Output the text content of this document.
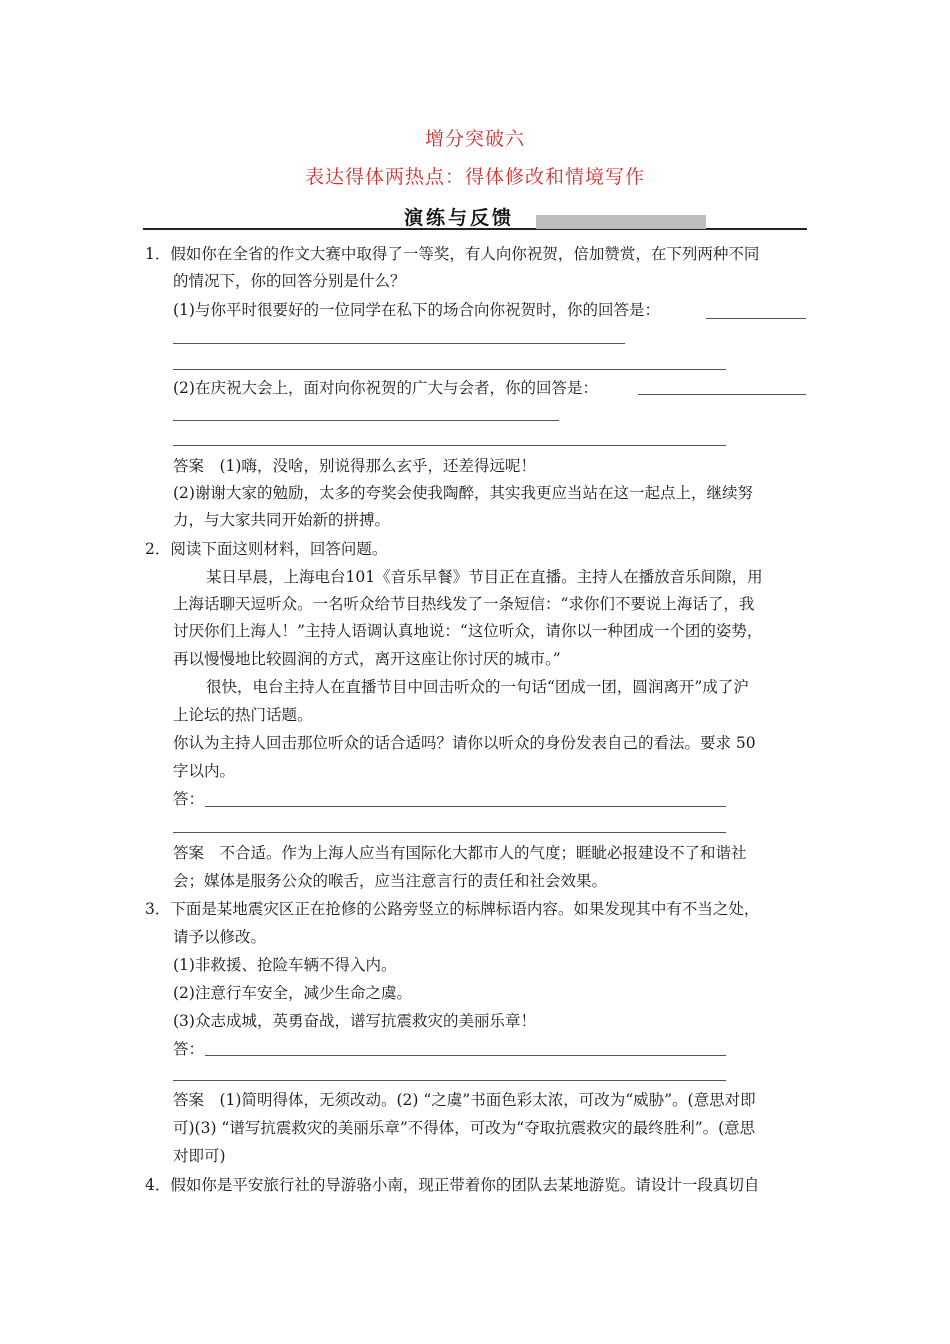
增分突破六
表达得体两热点：得体修改和情境写作
演练与反馈
1．假如你在全省的作文大赛中取得了一等奖，有人向你祝贺，倍加赞赏，在下列两种不同
的情况下，你的回答分别是什么？
(1)与你平时很要好的一位同学在私下的场合向你祝贺时，你的回答是：
(2)在庆祝大会上，面对向你祝贺的广大与会者，你的回答是：
答案　(1)嗨，没啥，别说得那么玄乎，还差得远呢！
(2)谢谢大家的勉励，太多的夸奖会使我陶醉，其实我更应当站在这一起点上，继续努
力，与大家共同开始新的拼搏。
2．阅读下面这则材料，回答问题。
某日早晨，上海电台101《音乐早餐》节目正在直播。主持人在播放音乐间隙，用
上海话聊天逗听众。一名听众给节目热线发了一条短信：“求你们不要说上海话了，我
讨厌你们上海人！”主持人语调认真地说：“这位听众，请你以一种团成一个团的姿势，
再以慢慢地比较圆润的方式，离开这座让你讨厌的城市。”
很快，电台主持人在直播节目中回击听众的一句话“团成一团，圆润离开”成了沪
上论坛的热门话题。
你认为主持人回击那位听众的话合适吗？请你以听众的身份发表自己的看法。要求 50
字以内。
答：
答案　不合适。作为上海人应当有国际化大都市人的气度；睚眦必报建设不了和谐社
会；媒体是服务公众的喉舌，应当注意言行的责任和社会效果。
3．下面是某地震灾区正在抢修的公路旁竖立的标牌标语内容。如果发现其中有不当之处，
请予以修改。
(1)非救援、抢险车辆不得入内。
(2)注意行车安全，减少生命之虞。
(3)众志成城，英勇奋战，谱写抗震救灾的美丽乐章！
答：
答案　(1)简明得体，无须改动。(2) “之虞”书面色彩太浓，可改为“威胁”。(意思对即
可)(3) “谱写抗震救灾的美丽乐章”不得体，可改为“夺取抗震救灾的最终胜利”。(意思
对即可)
4．假如你是平安旅行社的导游骆小南，现正带着你的团队去某地游览。请设计一段真切自
